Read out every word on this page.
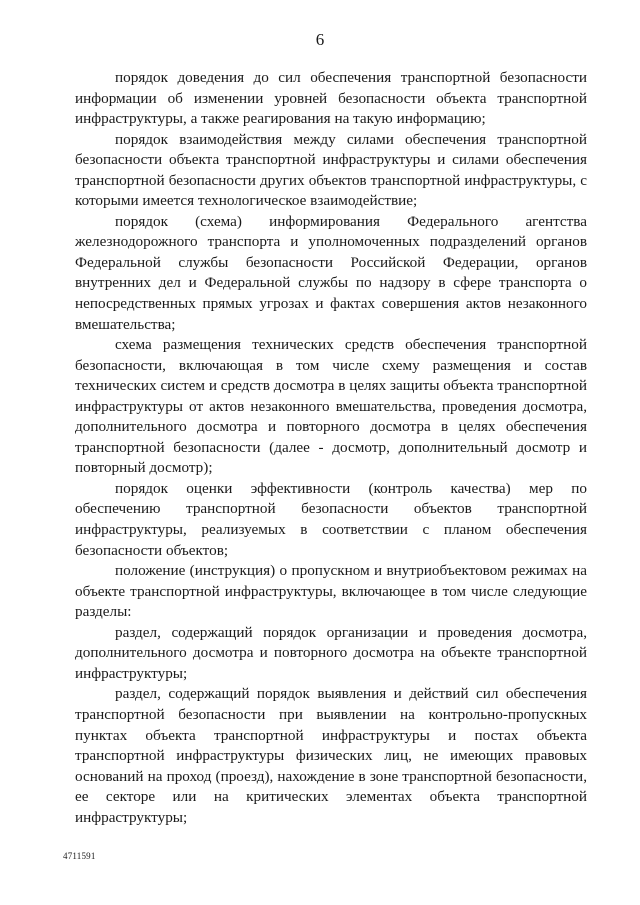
6

порядок доведения до сил обеспечения транспортной безопасности информации об изменении уровней безопасности объекта транспортной инфраструктуры, а также реагирования на такую информацию;

порядок взаимодействия между силами обеспечения транспортной безопасности объекта транспортной инфраструктуры и силами обеспечения транспортной безопасности других объектов транспортной инфраструктуры, с которыми имеется технологическое взаимодействие;

порядок (схема) информирования Федерального агентства железнодорожного транспорта и уполномоченных подразделений органов Федеральной службы безопасности Российской Федерации, органов внутренних дел и Федеральной службы по надзору в сфере транспорта о непосредственных прямых угрозах и фактах совершения актов незаконного вмешательства;

схема размещения технических средств обеспечения транспортной безопасности, включающая в том числе схему размещения и состав технических систем и средств досмотра в целях защиты объекта транспортной инфраструктуры от актов незаконного вмешательства, проведения досмотра, дополнительного досмотра и повторного досмотра в целях обеспечения транспортной безопасности (далее - досмотр, дополнительный досмотр и повторный досмотр);

порядок оценки эффективности (контроль качества) мер по обеспечению транспортной безопасности объектов транспортной инфраструктуры, реализуемых в соответствии с планом обеспечения безопасности объектов;

положение (инструкция) о пропускном и внутриобъектовом режимах на объекте транспортной инфраструктуры, включающее в том числе следующие разделы:

раздел, содержащий порядок организации и проведения досмотра, дополнительного досмотра и повторного досмотра на объекте транспортной инфраструктуры;

раздел, содержащий порядок выявления и действий сил обеспечения транспортной безопасности при выявлении на контрольно-пропускных пунктах объекта транспортной инфраструктуры и постах объекта транспортной инфраструктуры физических лиц, не имеющих правовых оснований на проход (проезд), нахождение в зоне транспортной безопасности, ее секторе или на критических элементах объекта транспортной инфраструктуры;

4711591
